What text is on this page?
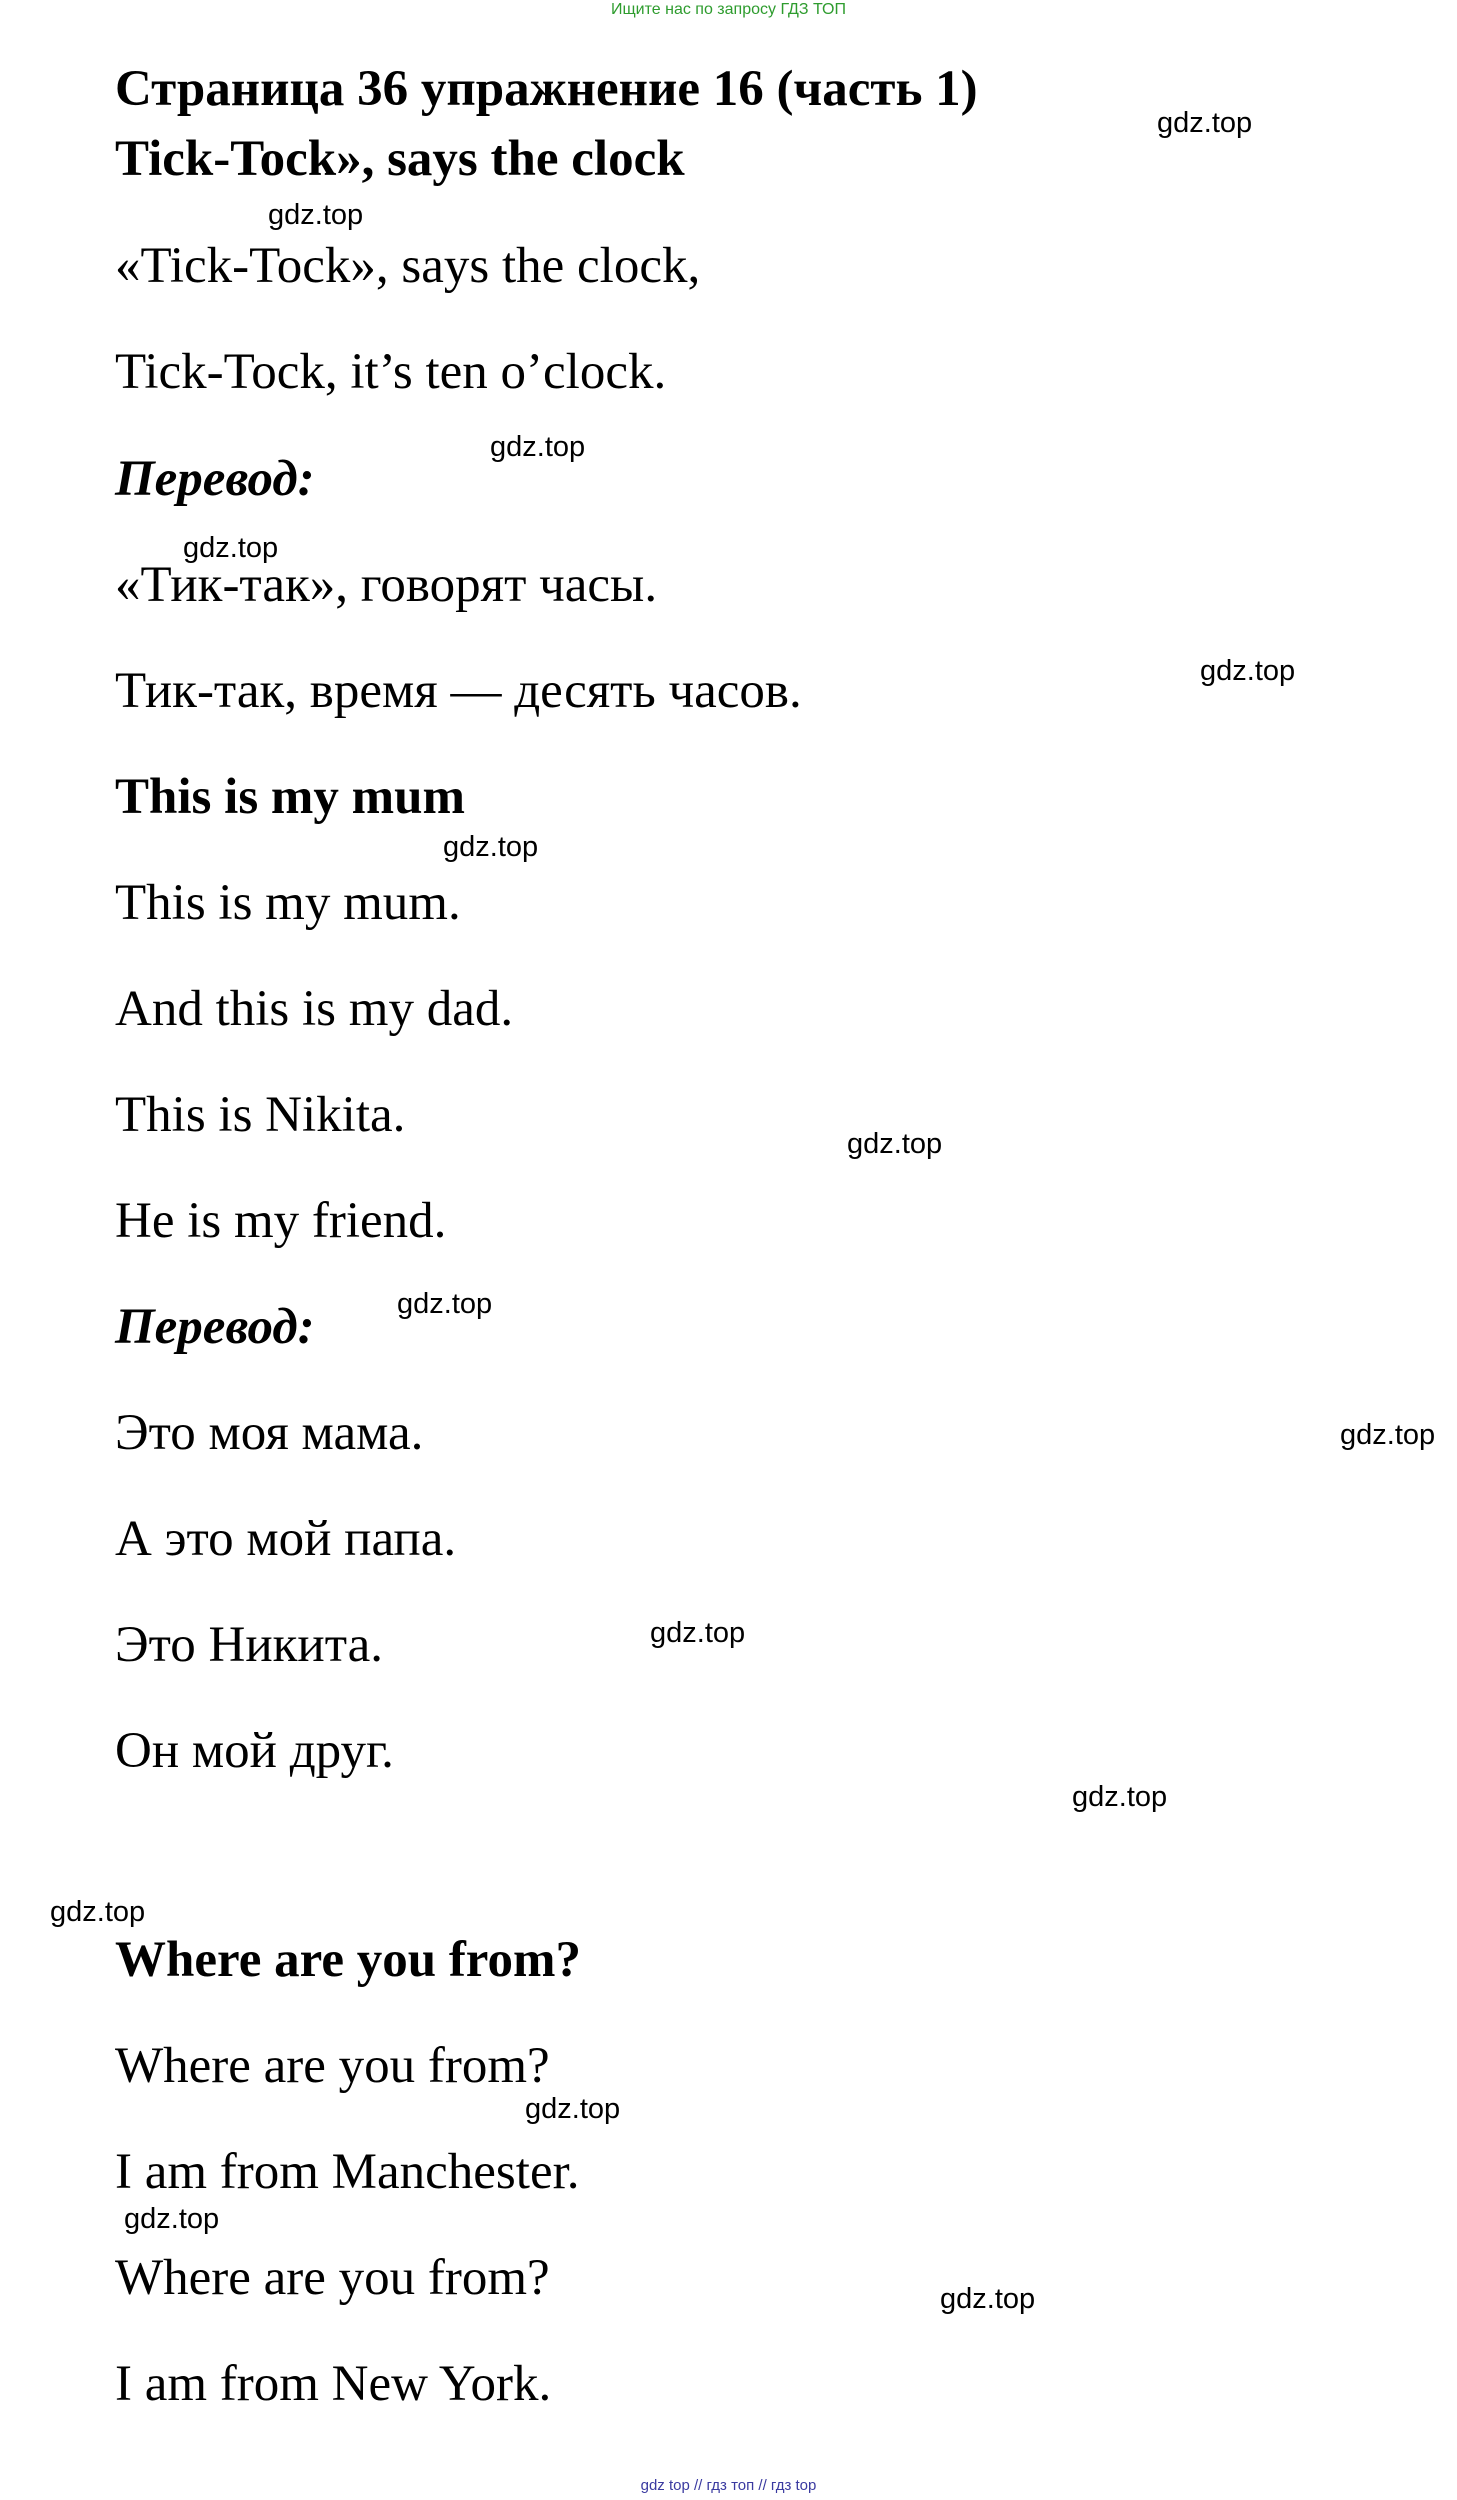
Ищите нас по запросу ГДЗ ТОП
Страница 36 упражнение 16 (часть 1)
Tick-Tock», says the clock
«Tick-Tock», says the clock,
Tick-Tock, it’s ten o’clock.
Перевод:
«Тик-так», говорят часы.
Тик-так, время — десять часов.
This is my mum
This is my mum.
And this is my dad.
This is Nikita.
He is my friend.
Перевод:
Это моя мама.
А это мой папа.
Это Никита.
Он мой друг.
Where are you from?
Where are you from?
I am from Manchester.
Where are you from?
I am from New York.
gdz.top
gdz.top
gdz.top
gdz.top
gdz.top
gdz.top
gdz.top
gdz.top
gdz.top
gdz.top
gdz.top
gdz.top
gdz.top
gdz.top
gdz.top
gdz top // гдз топ // гдз top
